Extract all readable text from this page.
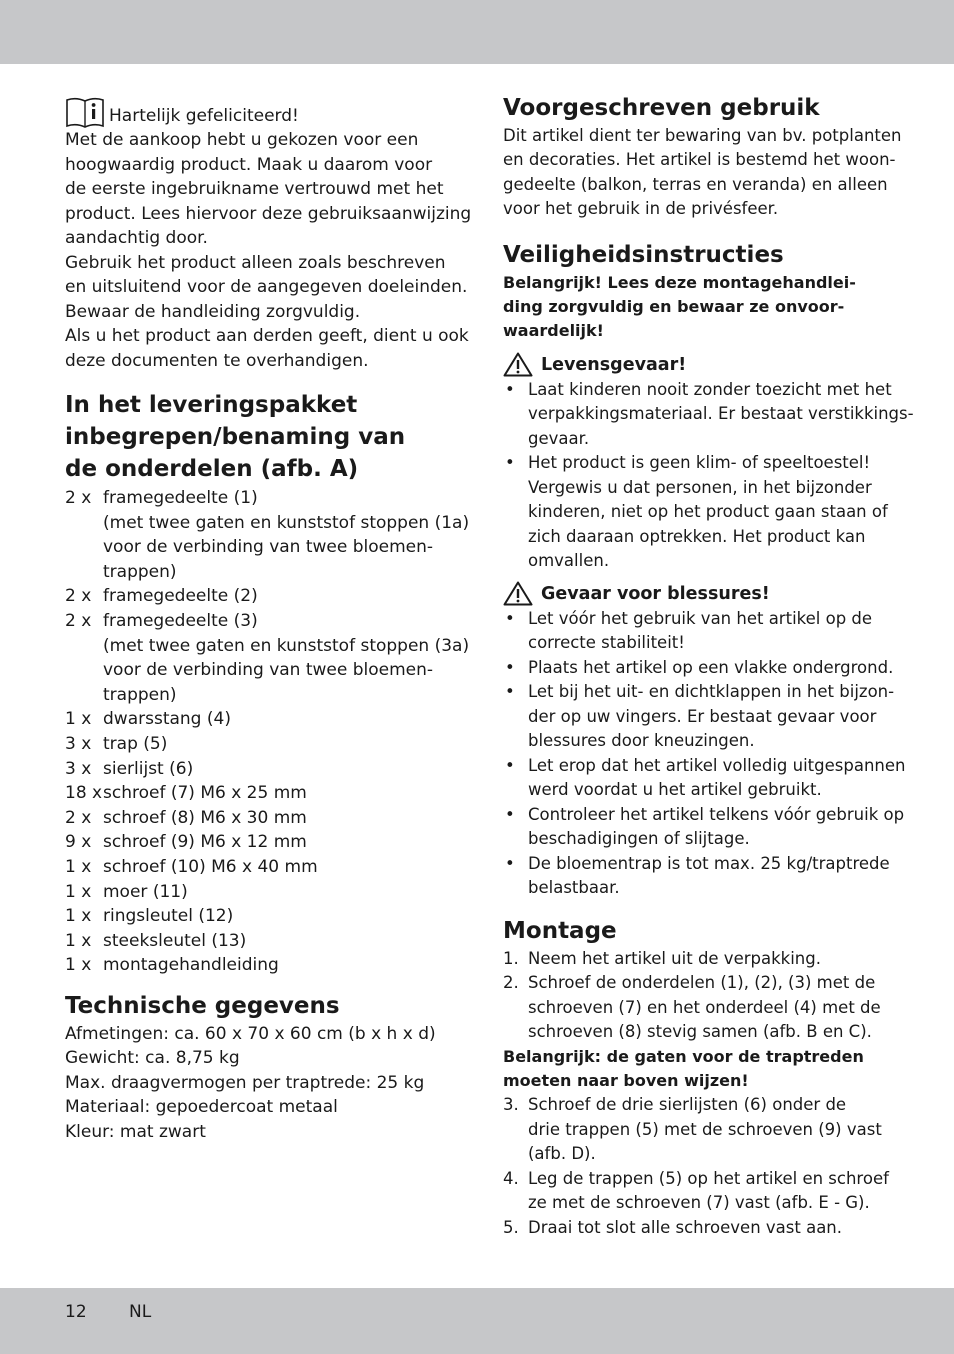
Hartelijk gefeliciteerd!

Met de aankoop hebt u gekozen voor een

hoogwaardig product. Maak u daarom voor

de eerste ingebruikname vertrouwd met het

product. Lees hiervoor deze gebruiksaanwijzing

aandachtig door.

Gebruik het product alleen zoals beschreven

en uitsluitend voor de aangegeven doeleinden.

Bewaar de handleiding zorgvuldig.

Als u het product aan derden geeft, dient u ook

deze documenten te overhandigen.

In het leveringspakket
inbegrepen/benaming van
de onderdelen (afb. A)
2 x framegedeelte (1)
(met twee gaten en kunststof stoppen (1a)
voor de verbinding van twee bloemen-
trappen)
2 x framegedeelte (2)
2 x framegedeelte (3)
(met twee gaten en kunststof stoppen (3a)
voor de verbinding van twee bloemen-
trappen)
1 x dwarsstang (4)
3 x trap (5)
3 x sierlijst (6)
18 x schroef (7) M6 x 25 mm
2 x schroef (8) M6 x 30 mm
9 x schroef (9) M6 x 12 mm
1 x schroef (10) M6 x 40 mm
1 x moer (11)
1 x ringsleutel (12)
1 x steeksleutel (13)
1 x montagehandleiding
Technische gegevens

Afmetingen: ca. 60 x 70 x 60 cm (b x h x d)

Gewicht: ca. 8,75 kg

Max. draagvermogen per traptrede: 25 kg

Materiaal: gepoedercoat metaal

Kleur: mat zwart

Voorgeschreven gebruik

Dit artikel dient ter bewaring van bv. potplanten

en decoraties. Het artikel is bestemd het woon-

gedeelte (balkon, terras en veranda) en alleen

voor het gebruik in de privésfeer.

Veiligheidsinstructies

Belangrijk! Lees deze montagehandlei-

ding zorgvuldig en bewaar ze onvoor-

waardelijk!

Levensgevaar!
• Laat kinderen nooit zonder toezicht met het
verpakkingsmateriaal. Er bestaat verstikkings-
gevaar.
• Het product is geen klim- of speeltoestel!
Vergewis u dat personen, in het bijzonder
kinderen, niet op het product gaan staan of
zich daaraan optrekken. Het product kan
omvallen.
Gevaar voor blessures!
• Let vóór het gebruik van het artikel op de
correcte stabiliteit!
• Plaats het artikel op een vlakke ondergrond.
• Let bij het uit- en dichtklappen in het bijzon-
der op uw vingers. Er bestaat gevaar voor
blessures door kneuzingen.
• Let erop dat het artikel volledig uitgespannen
werd voordat u het artikel gebruikt.
• Controleer het artikel telkens vóór gebruik op
beschadigingen of slijtage.
• De bloementrap is tot max. 25 kg/traptrede
belastbaar.
Montage
1. Neem het artikel uit de verpakking.
2. Schroef de onderdelen (1), (2), (3) met de
schroeven (7) en het onderdeel (4) met de
schroeven (8) stevig samen (afb. B en C).

Belangrijk: de gaten voor de traptreden

moeten naar boven wijzen!

3. Schroef de drie sierlijsten (6) onder de
drie trappen (5) met de schroeven (9) vast
(afb. D).
4. Leg de trappen (5) op het artikel en schroef
ze met de schroeven (7) vast (afb. E - G).
5. Draai tot slot alle schroeven vast aan.
12 NL
